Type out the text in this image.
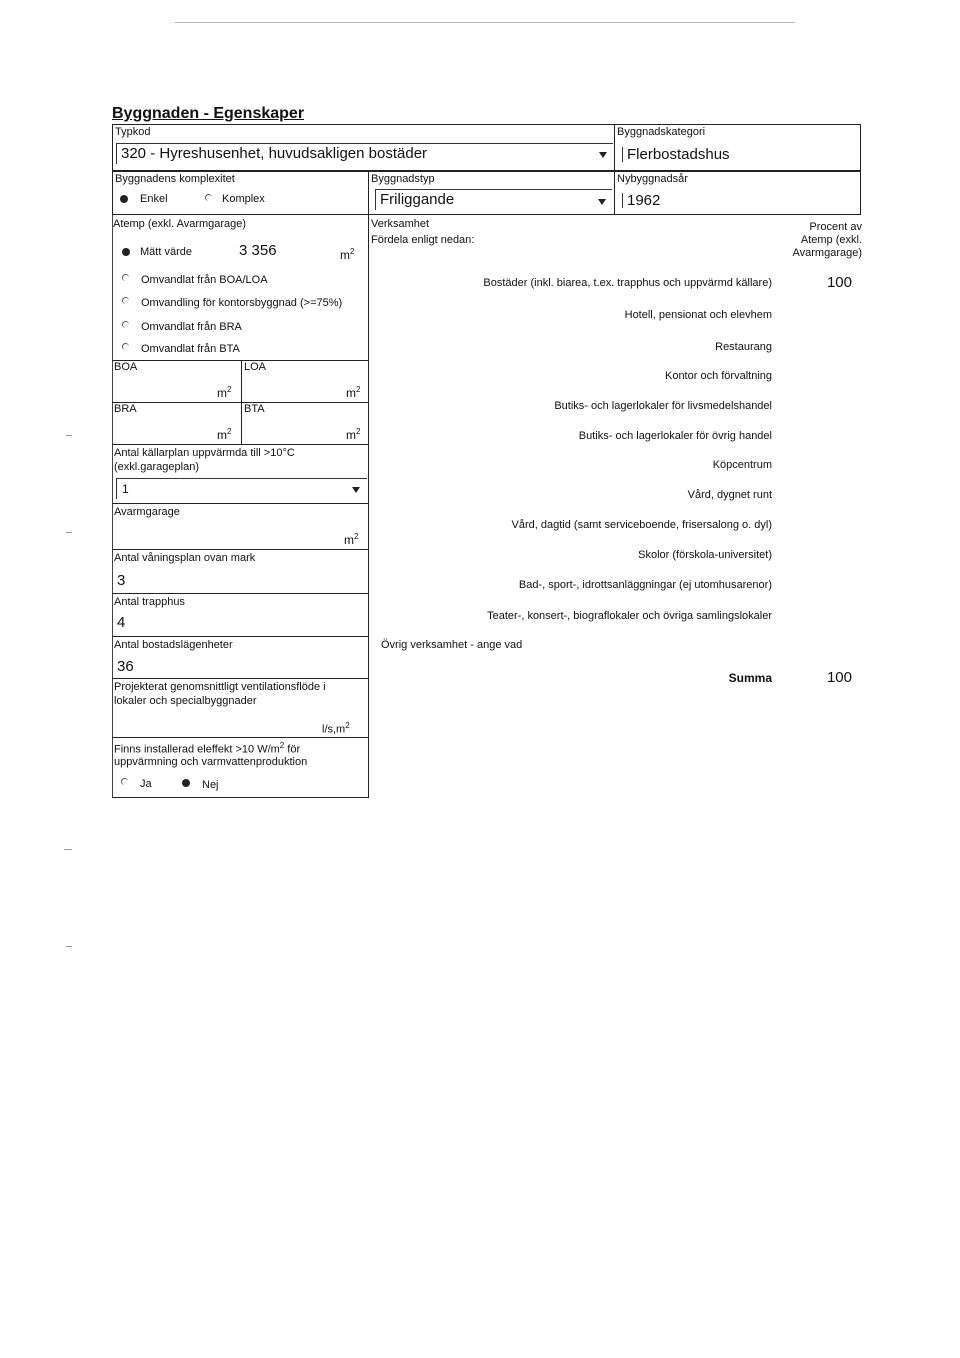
Byggnaden - Egenskaper
Typkod
320 - Hyreshusenhet, huvudsakligen bostäder
Byggnadskategori
Flerbostadshus
Byggnadens komplexitet
Enkel	Komplex
Byggnadstyp
Friliggande
Nybyggnadsår
1962
Atemp (exkl. Avarmgarage)
Mätt värde	3 356	$m^2$
Omvandlat från BOA/LOA
Omvandling för kontorsbyggnad (>=75%)
Omvandlat från BRA
Omvandlat från BTA
BOA	LOA
$m^2$	$m^2$
BRA	BTA
$m^2$	$m^2$
Antal källarplan uppvärmda till >10°C
(exkl.garageplan)
1
Avarmgarage
$m^2$
Antal våningsplan ovan mark
3
Antal trapphus
4
Antal bostadslägenheter
36
Projekterat genomsnittligt ventilationsflöde i
lokaler och specialbyggnader
$l/s,m^2$
Finns installerad eleffekt >10 $W/m^2$ för
uppvärmning och varmvattenproduktion
Ja	Nej
Verksamhet
Fördela enligt nedan:
Procent av
Atemp (exkl.
Avarmgarage)
Bostäder (inkl. biarea, t.ex. trapphus och uppvärmd källare)	100
Hotell, pensionat och elevhem
Restaurang
Kontor och förvaltning
Butiks- och lagerlokaler för livsmedelshandel
Butiks- och lagerlokaler för övrig handel
Köpcentrum
Vård, dygnet runt
Vård, dagtid (samt serviceboende, frisersalong o. dyl)
Skolor (förskola-universitet)
Bad-, sport-, idrottsanläggningar (ej utomhusarenor)
Teater-, konsert-, biograflokaler och övriga samlingslokaler
Övrig verksamhet - ange vad
Summa	100
